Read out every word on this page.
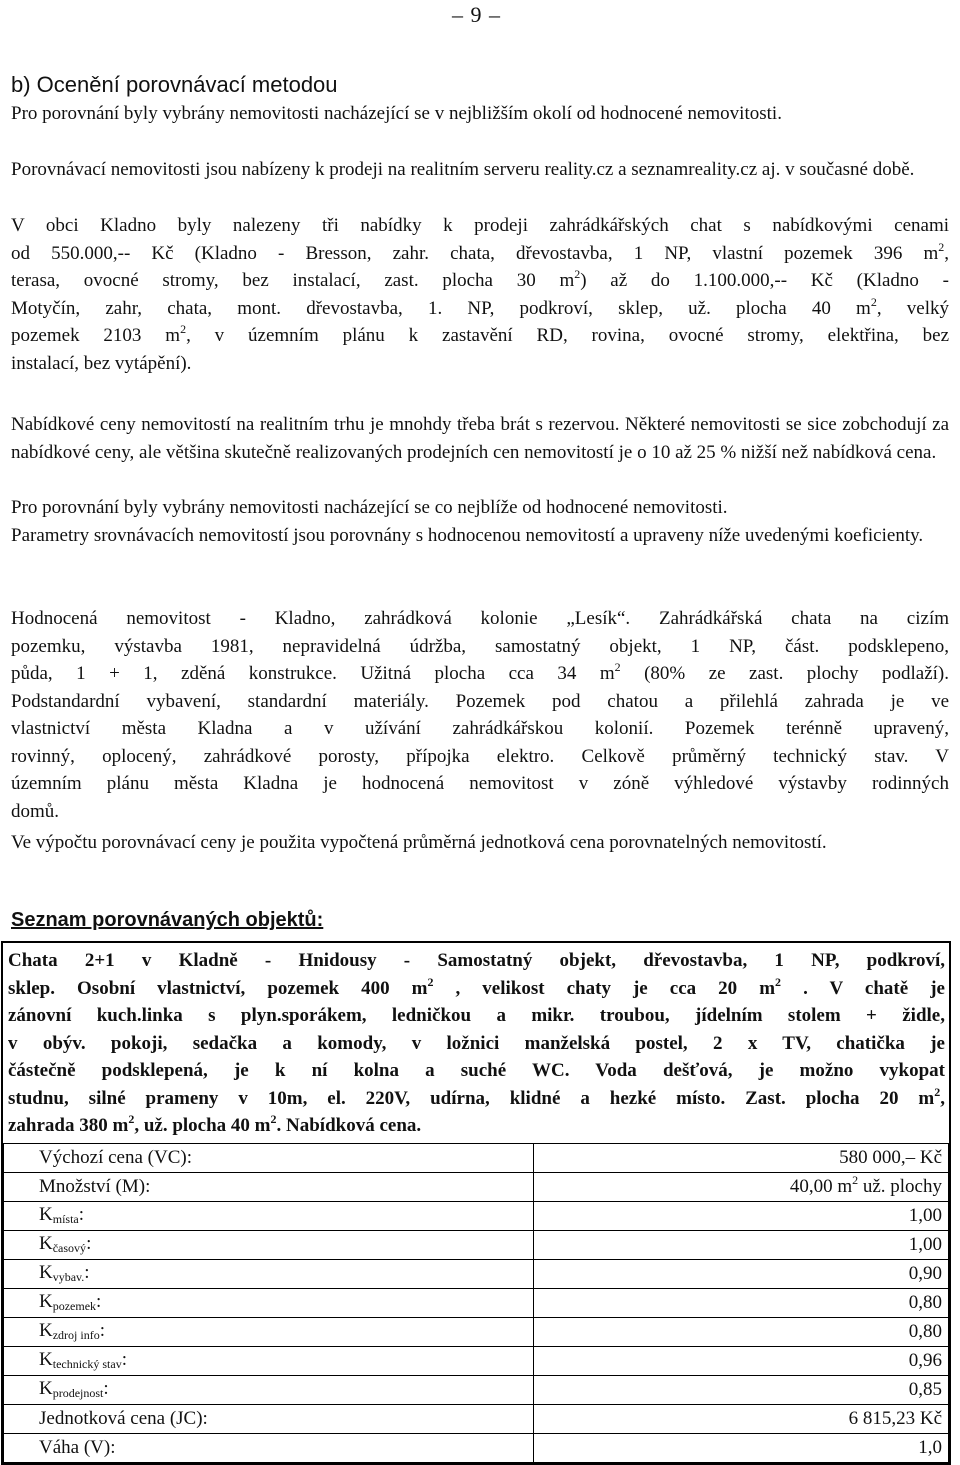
– 9 –
b) Ocenění porovnávací metodou

Pro porovnání byly vybrány nemovitosti nacházející se v nejbližším okolí od hodnocené nemovitosti.

Porovnávací nemovitosti jsou nabízeny k prodeji na realitním serveru reality.cz a seznamreality.cz aj. v současné době.

V obci Kladno byly nalezeny tři nabídky k prodeji zahrádkářských chat s nabídkovými cenami
od 550.000,-- Kč (Kladno - Bresson, zahr. chata, dřevostavba, 1 NP, vlastní pozemek 396 $m^2$,
terasa, ovocné stromy, bez instalací, zast. plocha 30 $m^2$) až do 1.100.000,-- Kč (Kladno -
Motyčín, zahr, chata, mont. dřevostavba, 1. NP, podkroví, sklep, už. plocha 40 $m^2$, velký
pozemek 2103 $m^2$, v územním plánu k zastavění RD, rovina, ovocné stromy, elektřina, bez
instalací, bez vytápění).

Nabídkové ceny nemovitostí na realitním trhu je mnohdy třeba brát s rezervou. Některé nemovitosti se sice zobchodují za nabídkové ceny, ale většina skutečně realizovaných prodejních cen nemovitostí je o 10 až 25 % nižší než nabídková cena.

Pro porovnání byly vybrány nemovitosti nacházející se co nejblíže od hodnocené nemovitosti.

Parametry srovnávacích nemovitostí jsou porovnány s hodnocenou nemovitostí a upraveny níže uvedenými koeficienty.

Hodnocená nemovitost - Kladno, zahrádková kolonie „Lesík“. Zahrádkářská chata na cizím
pozemku, výstavba 1981, nepravidelná údržba, samostatný objekt, 1 NP, část. podsklepeno,
půda, 1 + 1, zděná konstrukce. Užitná plocha cca 34 $m^2$ (80% ze zast. plochy podlaží).
Podstandardní vybavení, standardní materiály. Pozemek pod chatou a přilehlá zahrada je ve
vlastnictví města Kladna a v užívání zahrádkářskou kolonií. Pozemek terénně upravený,
rovinný, oplocený, zahrádkové porosty, přípojka elektro. Celkově průměrný technický stav. V
územním plánu města Kladna je hodnocená nemovitost v zóně výhledové výstavby rodinných
domů.

Ve výpočtu porovnávací ceny je použita vypočtená průměrná jednotková cena porovnatelných nemovitostí.

Seznam porovnávaných objektů:
Chata 2+1 v Kladně - Hnidousy - Samostatný objekt, dřevostavba, 1 NP, podkroví,
sklep. Osobní vlastnictví, pozemek 400 $m^2$ , velikost chaty je cca 20 $m^2$ . V chatě je
zánovní kuch.linka s plyn.sporákem, ledničkou a mikr. troubou, jídelním stolem + židle,
v obýv. pokoji, sedačka a komody, v ložnici manželská postel, 2 x TV, chatička je
částečně podsklepená, je k ní kolna a suché WC. Voda dešťová, je možno vykopat
studnu, silné prameny v 10m, el. 220V, udírna, klidné a hezké místo. Zast. plocha 20 $m^2$,
zahrada 380 $m^2$, už. plocha 40 $m^2$. Nabídková cena.
Výchozí cena (VC):	580 000,– Kč
Množství (M):	40,00 $m^2$ už. plochy
Kmísta:	1,00
Kčasový:	1,00
Kvybav.:	0,90
Kpozemek:	0,80
Kzdroj info:	0,80
Ktechnický stav:	0,96
Kprodejnost:	0,85
Jednotková cena (JC):	6 815,23 Kč
Váha (V):	1,0
